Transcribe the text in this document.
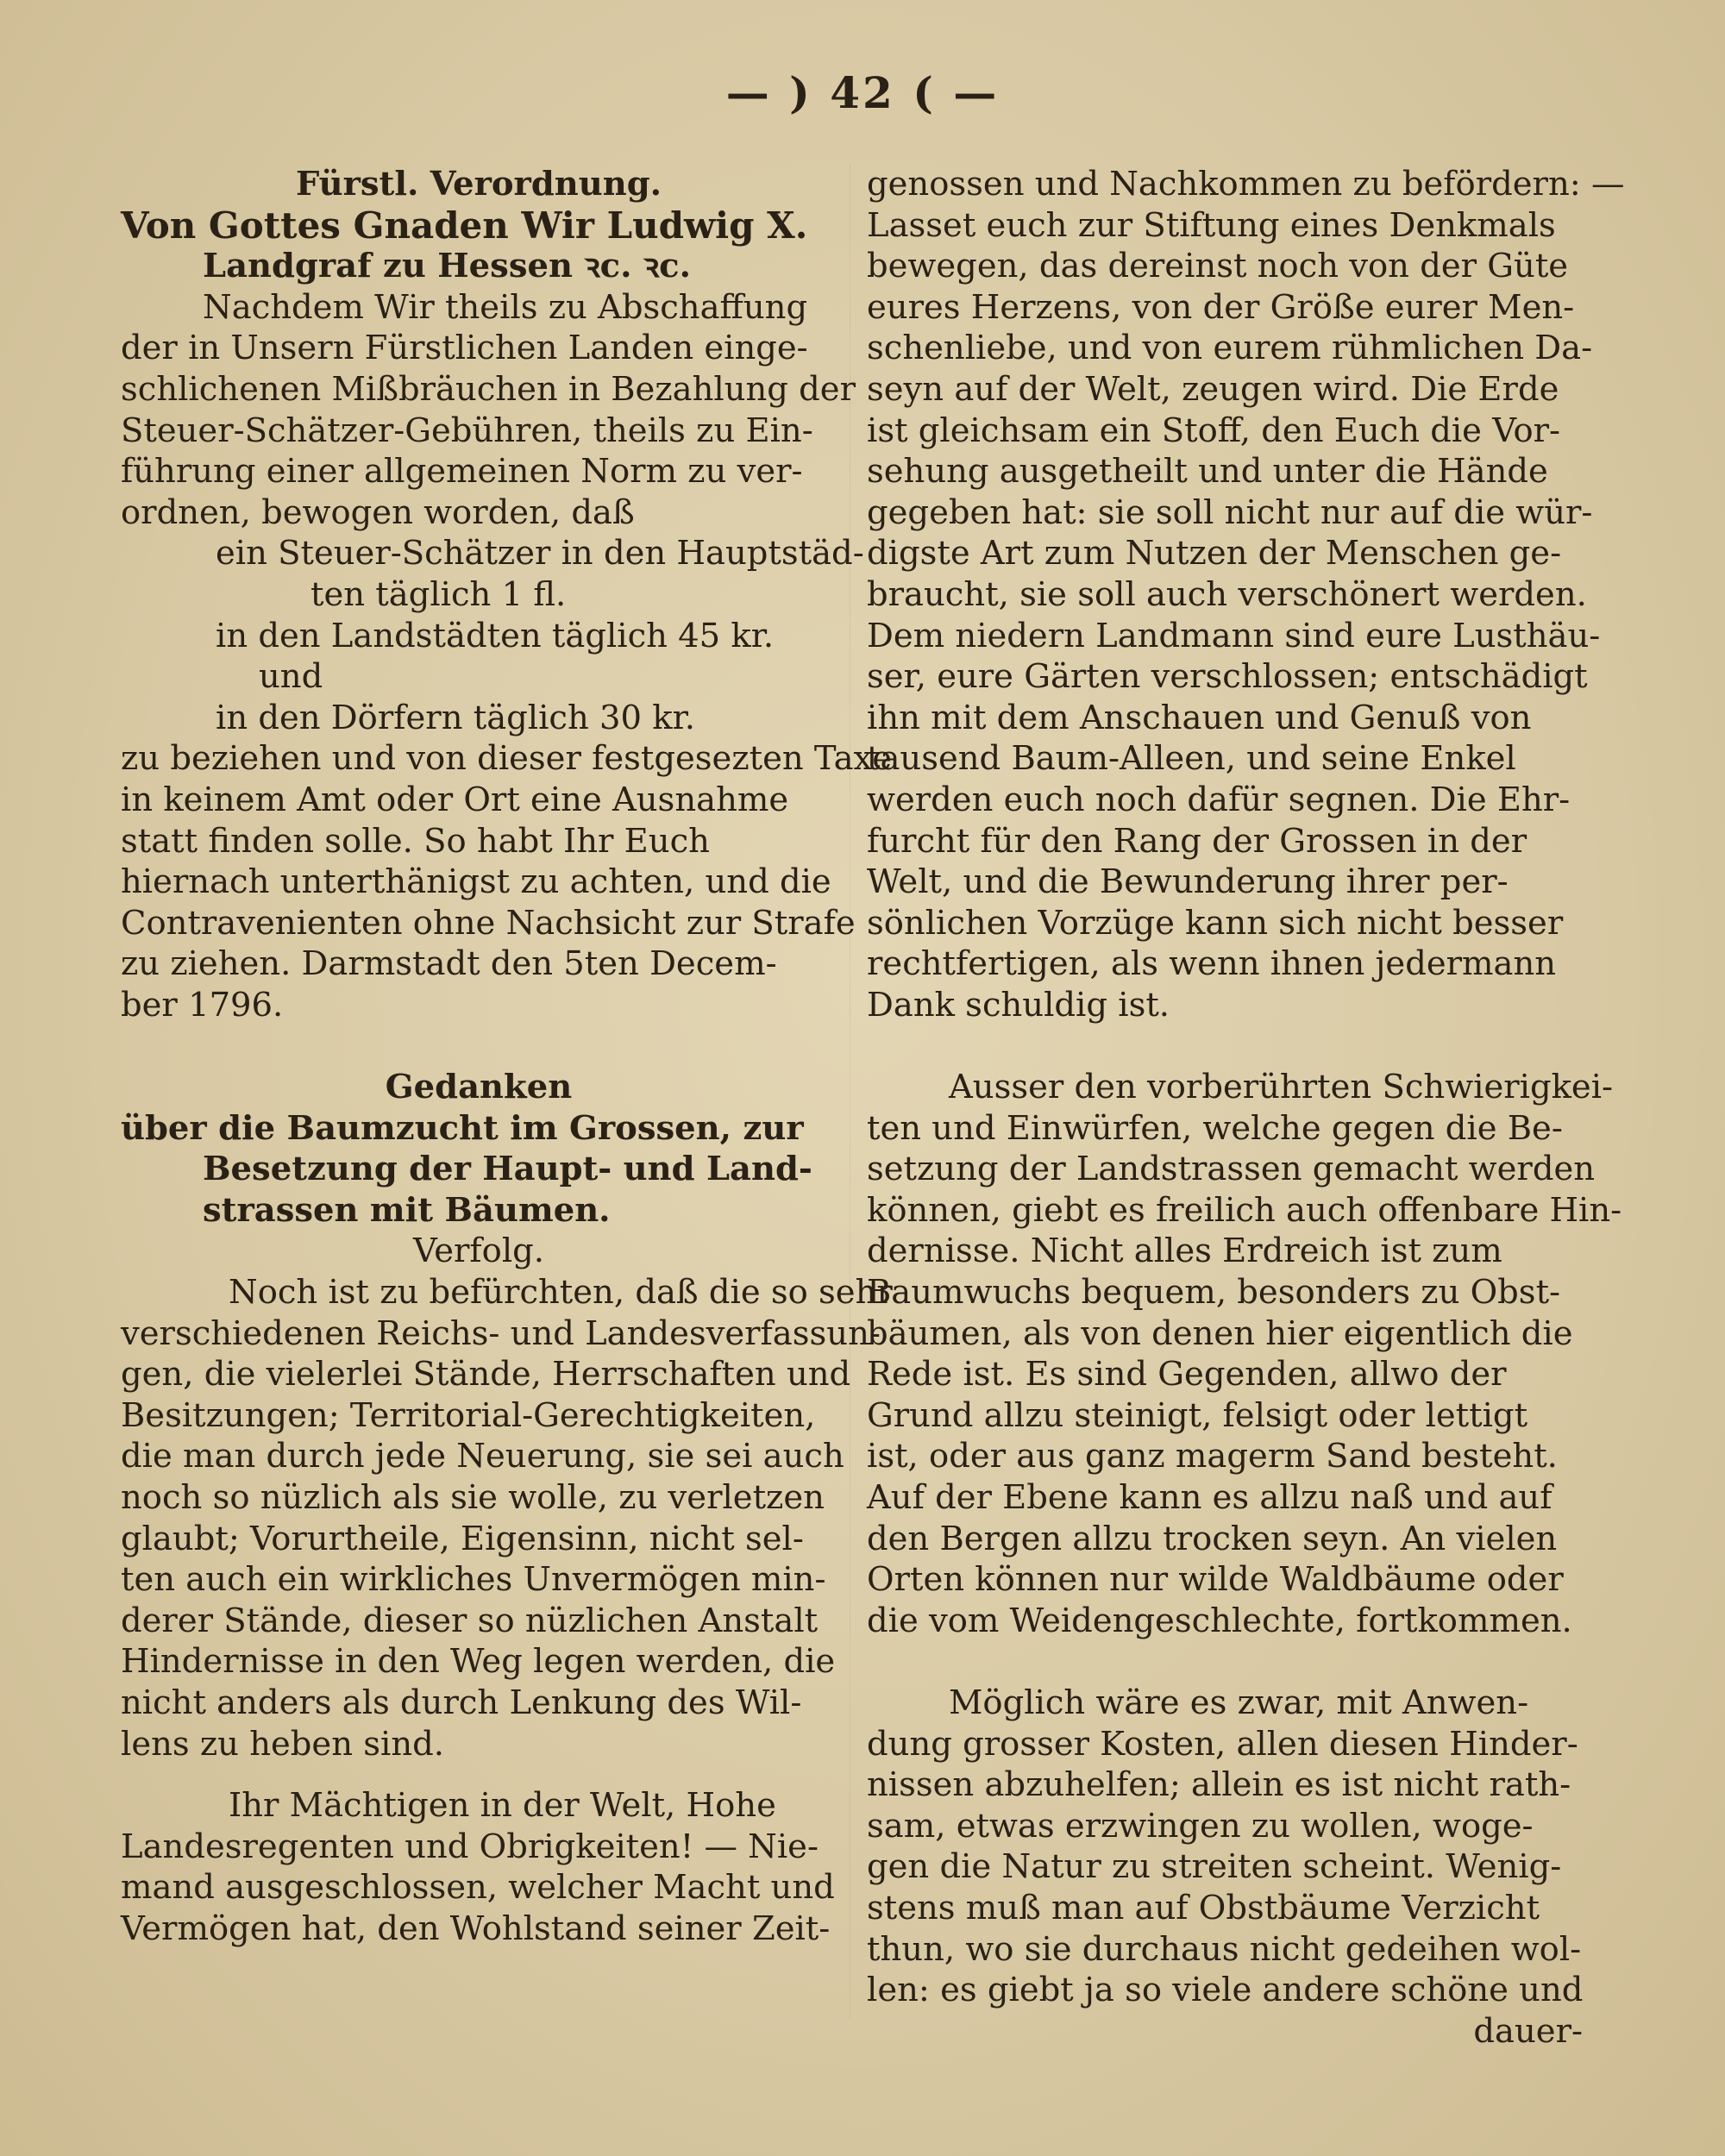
— ) 42 ( —
Fürstl. Verordnung.
Von Gottes Gnaden Wir Ludwig X.
Landgraf zu Hessen ꝛc. ꝛc.
Nachdem Wir theils zu Abschaffung
der in Unsern Fürstlichen Landen einge-
schlichenen Mißbräuchen in Bezahlung der
Steuer-Schätzer-Gebühren, theils zu Ein-
führung einer allgemeinen Norm zu ver-
ordnen, bewogen worden, daß
ein Steuer-Schätzer in den Hauptstäd-
ten täglich 1 fl.
in den Landstädten täglich 45 kr.
und
in den Dörfern täglich 30 kr.
zu beziehen und von dieser festgesezten Taxe
in keinem Amt oder Ort eine Ausnahme
statt finden solle. So habt Ihr Euch
hiernach unterthänigst zu achten, und die
Contravenienten ohne Nachsicht zur Strafe
zu ziehen. Darmstadt den 5ten Decem-
ber 1796.
Gedanken
über die Baumzucht im Grossen, zur
Besetzung der Haupt- und Land-
strassen mit Bäumen.
Verfolg.
Noch ist zu befürchten, daß die so sehr
verschiedenen Reichs- und Landesverfassun-
gen, die vielerlei Stände, Herrschaften und
Besitzungen; Territorial-Gerechtigkeiten,
die man durch jede Neuerung, sie sei auch
noch so nüzlich als sie wolle, zu verletzen
glaubt; Vorurtheile, Eigensinn, nicht sel-
ten auch ein wirkliches Unvermögen min-
derer Stände, dieser so nüzlichen Anstalt
Hindernisse in den Weg legen werden, die
nicht anders als durch Lenkung des Wil-
lens zu heben sind.
Ihr Mächtigen in der Welt, Hohe
Landesregenten und Obrigkeiten! — Nie-
mand ausgeschlossen, welcher Macht und
Vermögen hat, den Wohlstand seiner Zeit-
genossen und Nachkommen zu befördern: —
Lasset euch zur Stiftung eines Denkmals
bewegen, das dereinst noch von der Güte
eures Herzens, von der Größe eurer Men-
schenliebe, und von eurem rühmlichen Da-
seyn auf der Welt, zeugen wird. Die Erde
ist gleichsam ein Stoff, den Euch die Vor-
sehung ausgetheilt und unter die Hände
gegeben hat: sie soll nicht nur auf die wür-
digste Art zum Nutzen der Menschen ge-
braucht, sie soll auch verschönert werden.
Dem niedern Landmann sind eure Lusthäu-
ser, eure Gärten verschlossen; entschädigt
ihn mit dem Anschauen und Genuß von
tausend Baum-Alleen, und seine Enkel
werden euch noch dafür segnen. Die Ehr-
furcht für den Rang der Grossen in der
Welt, und die Bewunderung ihrer per-
sönlichen Vorzüge kann sich nicht besser
rechtfertigen, als wenn ihnen jedermann
Dank schuldig ist.
Ausser den vorberührten Schwierigkei-
ten und Einwürfen, welche gegen die Be-
setzung der Landstrassen gemacht werden
können, giebt es freilich auch offenbare Hin-
dernisse. Nicht alles Erdreich ist zum
Baumwuchs bequem, besonders zu Obst-
bäumen, als von denen hier eigentlich die
Rede ist. Es sind Gegenden, allwo der
Grund allzu steinigt, felsigt oder lettigt
ist, oder aus ganz magerm Sand besteht.
Auf der Ebene kann es allzu naß und auf
den Bergen allzu trocken seyn. An vielen
Orten können nur wilde Waldbäume oder
die vom Weidengeschlechte, fortkommen.
Möglich wäre es zwar, mit Anwen-
dung grosser Kosten, allen diesen Hinder-
nissen abzuhelfen; allein es ist nicht rath-
sam, etwas erzwingen zu wollen, woge-
gen die Natur zu streiten scheint. Wenig-
stens muß man auf Obstbäume Verzicht
thun, wo sie durchaus nicht gedeihen wol-
len: es giebt ja so viele andere schöne und
dauer-
